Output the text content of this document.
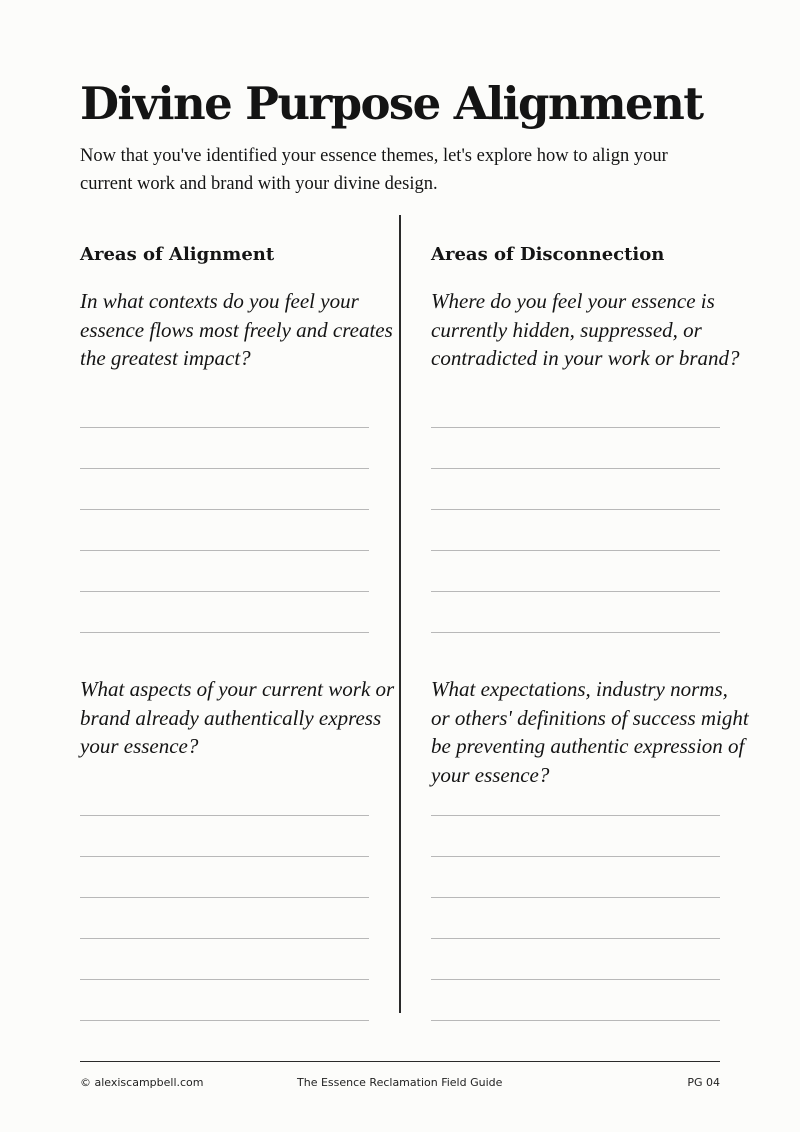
Divine Purpose Alignment

Now that you've identified your essence themes, let's explore how to align your current work and brand with your divine design.

Areas of Alignment

In what contexts do you feel your essence flows most freely and creates the greatest impact?

What aspects of your current work or brand already authentically express your essence?

Areas of Disconnection

Where do you feel your essence is currently hidden, suppressed, or contradicted in your work or brand?

What expectations, industry norms, or others' definitions of success might be preventing authentic expression of your essence?

© alexiscampbell.com	The Essence Reclamation Field Guide	PG 04
